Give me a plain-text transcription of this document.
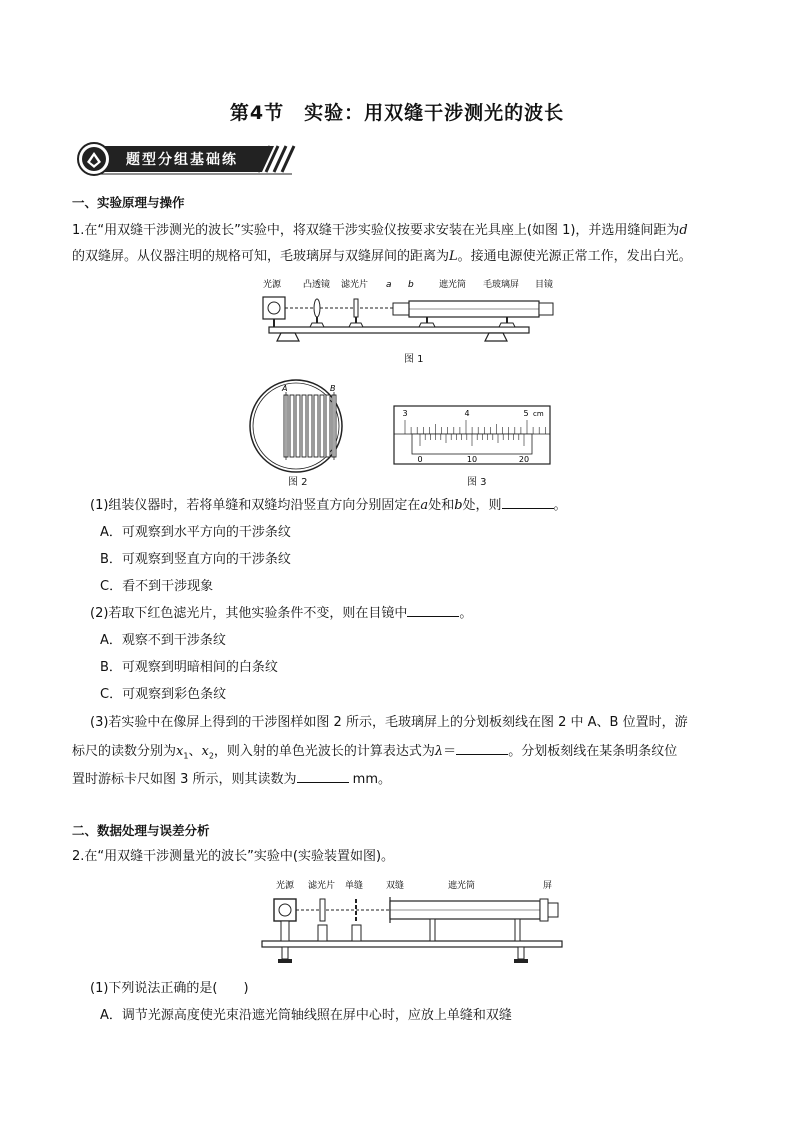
第4节　实验：用双缝干涉测光的波长
题型分组基础练
一、实验原理与操作
1.在“用双缝干涉测光的波长”实验中，将双缝干涉实验仪按要求安装在光具座上(如图 1)，并选用缝间距为d
的双缝屏。从仪器注明的规格可知，毛玻璃屏与双缝屏间的距离为L。接通电源使光源正常工作，发出白光。
光源 凸透镜 滤光片 a b	遮光筒 毛玻璃屏 目镜
图 1
A	B
图 2
3	4	5 cm
0	10	20
图 3
(1)组装仪器时，若将单缝和双缝均沿竖直方向分别固定在a处和b处，则	。
A．可观察到水平方向的干涉条纹
B．可观察到竖直方向的干涉条纹
C．看不到干涉现象
(2)若取下红色滤光片，其他实验条件不变，则在目镜中	。
A．观察不到干涉条纹
B．可观察到明暗相间的白条纹
C．可观察到彩色条纹
(3)若实验中在像屏上得到的干涉图样如图 2 所示，毛玻璃屏上的分划板刻线在图 2 中 A、B 位置时，游
标尺的读数分别为$x_1$、$x_2$，则入射的单色光波长的计算表达式为λ＝	。分划板刻线在某条明条纹位
置时游标卡尺如图 3 所示，则其读数为	mm。
二、数据处理与误差分析
2.在“用双缝干涉测量光的波长”实验中(实验装置如图)。
光源 滤光片 单缝	双缝	遮光筒	屏
(1)下列说法正确的是(　　)
A．调节光源高度使光束沿遮光筒轴线照在屏中心时，应放上单缝和双缝
